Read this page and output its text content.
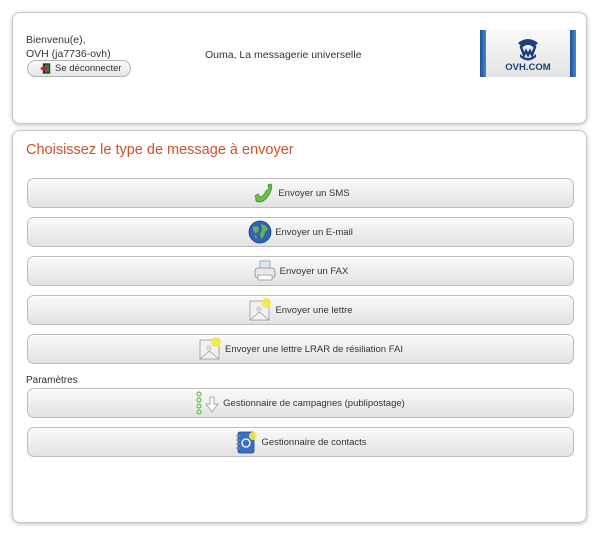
Bienvenu(e),
OVH (ja7736-ovh)
Se déconnecter
Ouma, La messagerie universelle
OVH.COM
Choisissez le type de message à envoyer
Envoyer un SMS
Envoyer un E-mail
Envoyer un FAX
Envoyer une lettre
Envoyer une lettre LRAR de résiliation FAI
Paramètres
Gestionnaire de campagnes (publipostage)
Gestionnaire de contacts
